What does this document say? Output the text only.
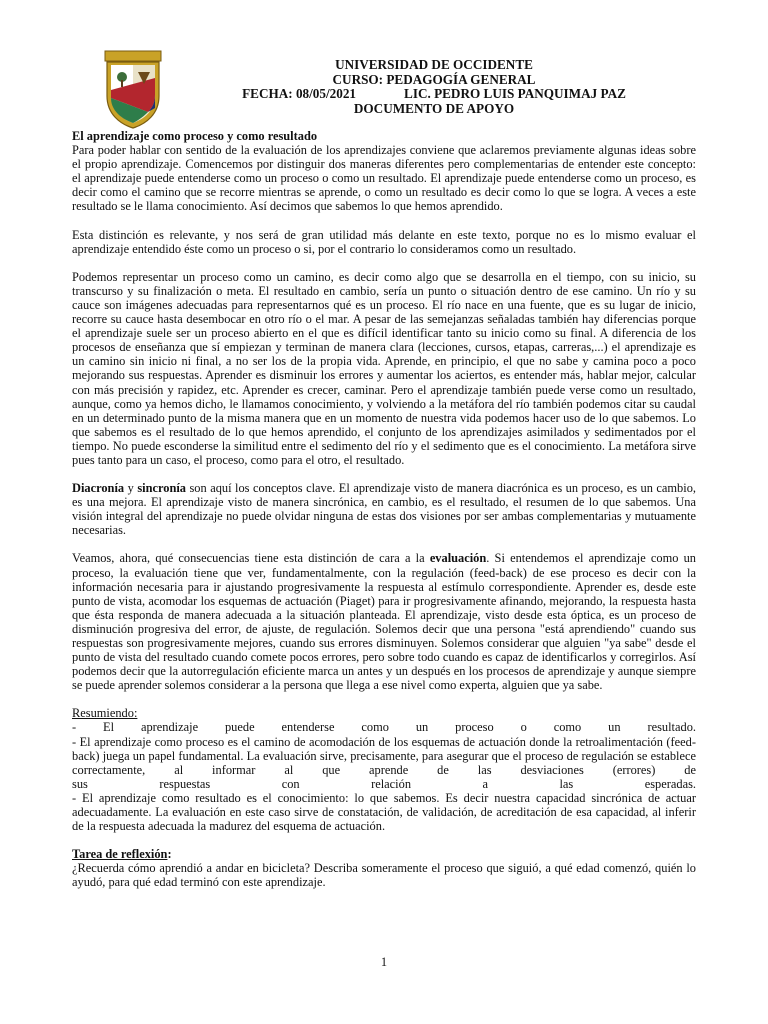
UNIVERSIDAD DE OCCIDENTE
CURSO: PEDAGOGÍA GENERAL
FECHA: 08/05/2021	LIC. PEDRO LUIS PANQUIMAJ PAZ
DOCUMENTO DE APOYO
El aprendizaje como proceso y como resultado

Para poder hablar con sentido de la evaluación de los aprendizajes conviene que aclaremos previamente algunas ideas sobre el propio aprendizaje. Comencemos por distinguir dos maneras diferentes pero complementarias de entender este concepto: el aprendizaje puede entenderse como un proceso o como un resultado. El aprendizaje puede entenderse como un proceso, es decir como el camino que se recorre mientras se aprende, o como un resultado es decir como lo que se logra. A veces a este resultado se le llama conocimiento. Así decimos que sabemos lo que hemos aprendido.

Esta distinción es relevante, y nos será de gran utilidad más delante en este texto, porque no es lo mismo evaluar el aprendizaje entendido éste como un proceso o si, por el contrario lo consideramos como un resultado.

Podemos representar un proceso como un camino, es decir como algo que se desarrolla en el tiempo, con su inicio, su transcurso y su finalización o meta. El resultado en cambio, sería un punto o situación dentro de ese camino. Un río y su cauce son imágenes adecuadas para representarnos qué es un proceso. El río nace en una fuente, que es su lugar de inicio, recorre su cauce hasta desembocar en otro río o el mar. A pesar de las semejanzas señaladas también hay diferencias porque el aprendizaje suele ser un proceso abierto en el que es difícil identificar tanto su inicio como su final. A diferencia de los procesos de enseñanza que sí empiezan y terminan de manera clara (lecciones, cursos, etapas, carreras,...) el aprendizaje es un camino sin inicio ni final, a no ser los de la propia vida. Aprende, en principio, el que no sabe y camina poco a poco mejorando sus respuestas. Aprender es disminuir los errores y aumentar los aciertos, es entender más, hablar mejor, calcular con más precisión y rapidez, etc. Aprender es crecer, caminar. Pero el aprendizaje también puede verse como un resultado, aunque, como ya hemos dicho, le llamamos conocimiento, y volviendo a la metáfora del río también podemos citar su caudal en un determinado punto de la misma manera que en un momento de nuestra vida podemos hacer uso de lo que sabemos. Lo que sabemos es el resultado de lo que hemos aprendido, el conjunto de los aprendizajes asimilados y sedimentados por el tiempo. No puede esconderse la similitud entre el sedimento del río y el sedimento que es el conocimiento. La metáfora sirve pues tanto para un caso, el proceso, como para el otro, el resultado.

Diacronía y sincronía son aquí los conceptos clave. El aprendizaje visto de manera diacrónica es un proceso, es un cambio, es una mejora. El aprendizaje visto de manera sincrónica, en cambio, es el resultado, el resumen de lo que sabemos. Una visión integral del aprendizaje no puede olvidar ninguna de estas dos visiones por ser ambas complementarias y mutuamente necesarias.

Veamos, ahora, qué consecuencias tiene esta distinción de cara a la evaluación. Si entendemos el aprendizaje como un proceso, la evaluación tiene que ver, fundamentalmente, con la regulación (feed-back) de ese proceso es decir con la información necesaria para ir ajustando progresivamente la respuesta al estímulo correspondiente. Aprender es, desde este punto de vista, acomodar los esquemas de actuación (Piaget) para ir progresivamente afinando, mejorando, la respuesta hasta que ésta responda de manera adecuada a la situación planteada. El aprendizaje, visto desde esta óptica, es un proceso de disminución progresiva del error, de ajuste, de regulación. Solemos decir que una persona "está aprendiendo" cuando sus respuestas son progresivamente mejores, cuando sus errores disminuyen. Solemos considerar que alguien "ya sabe" desde el punto de vista del resultado cuando comete pocos errores, pero sobre todo cuando es capaz de identificarlos y corregirlos. Así podemos decir que la autorregulación eficiente marca un antes y un después en los procesos de aprendizaje y aunque siempre se puede aprender solemos considerar a la persona que llega a ese nivel como experta, alguien que ya sabe.

Resumiendo:
-       El       aprendizaje       puede       entenderse       como       un       proceso       o       como       un       resultado.
- El aprendizaje como proceso es el camino de acomodación de los esquemas de actuación donde la retroalimentación (feed-back) juega un papel fundamental. La evaluación sirve, precisamente, para asegurar que el proceso de regulación se establece correctamente, al informar al que aprende de las desviaciones (errores) de
sus respuestas con relación a las esperadas.
- El aprendizaje como resultado es el conocimiento: lo que sabemos. Es decir nuestra capacidad sincrónica de actuar adecuadamente. La evaluación en este caso sirve de constatación, de validación, de acreditación de esa capacidad, al inferir de la respuesta adecuada la madurez del esquema de actuación.
Tarea de reflexión:

¿Recuerda cómo aprendió a andar en bicicleta? Describa someramente el proceso que siguió, a qué edad comenzó, quién lo ayudó, para qué edad terminó con este aprendizaje.

1
